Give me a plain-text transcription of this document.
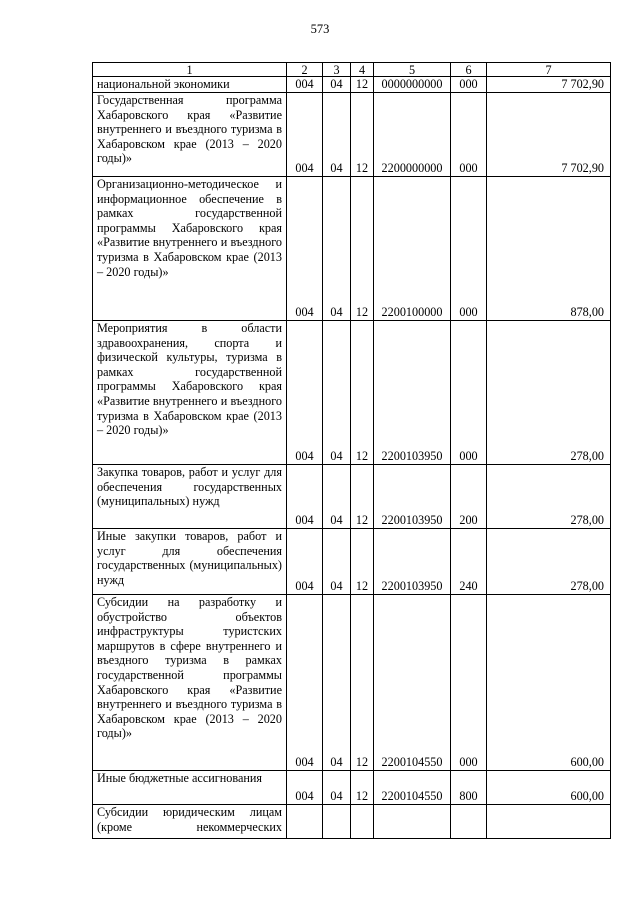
573
1	2	3	4	5	6	7
национальной экономики	004	04	12	0000000000	000	7 702,90
Государственная программа Хабаровского края «Развитие внутреннего и въездного туризма в Хабаровском крае (2013 – 2020 годы)»	004	04	12	2200000000	000	7 702,90
Организационно-методическое и информационное обеспечение в рамках государственной программы Хабаровского края «Развитие внутреннего и въездного туризма в Хабаровском крае (2013 – 2020 годы)»	004	04	12	2200100000	000	878,00
Мероприятия в области здравоохранения, спорта и физической культуры, туризма в рамках государственной программы Хабаровского края «Развитие внутреннего и въездного туризма в Хабаровском крае (2013 – 2020 годы)»	004	04	12	2200103950	000	278,00
Закупка товаров, работ и услуг для обеспечения государственных (муниципальных) нужд	004	04	12	2200103950	200	278,00
Иные закупки товаров, работ и услуг для обеспечения государственных (муниципальных) нужд	004	04	12	2200103950	240	278,00
Субсидии на разработку и обустройство объектов инфраструктуры туристских маршрутов в сфере внутреннего и въездного туризма в рамках государственной программы Хабаровского края «Развитие внутреннего и въездного туризма в Хабаровском крае (2013 – 2020 годы)»	004	04	12	2200104550	000	600,00
Иные бюджетные ассигнования	004	04	12	2200104550	800	600,00
Субсидии юридическим лицам (кроме некоммерческих						
